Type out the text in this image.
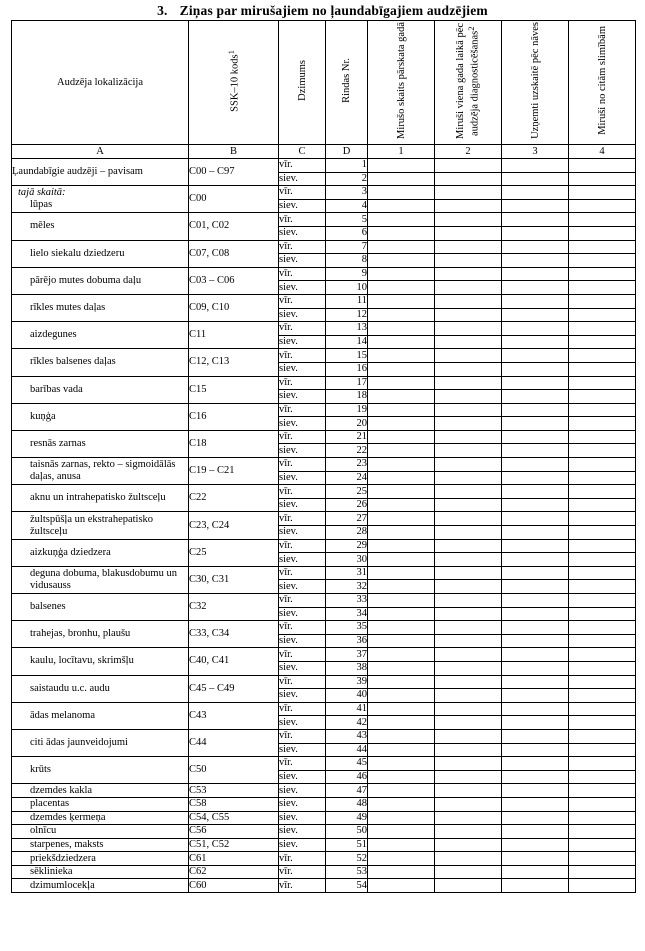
3. Ziņas par mirušajiem no ļaundabīgajiem audzējiem
Audzēja lokalizācija	SSK–10 kods$^1$	Dzimums	Rindas Nr.	Mirušo skaits pārskata gadā	Miruši viena gada laikā pēc audzēja diagnosticēšanas$^2$	Uzņemti uzskaitē pēc nāves	Miruši no citām slimībām
A	B	C	D	1	2	3	4
Ļaundabīgie audzēji – pavisam	C00 – C97	vīr.	1				
		siev.	2				

tajā skaitā:
lūpas	C00	vīr.	3				
		siev.	4				
mēles	C01, C02	vīr.	5				
		siev.	6				
lielo siekalu dziedzeru	C07, C08	vīr.	7				
		siev.	8				
pārējo mutes dobuma daļu	C03 – C06	vīr.	9				
		siev.	10				
rīkles mutes daļas	C09, C10	vīr.	11				
		siev.	12				
aizdegunes	C11	vīr.	13				
		siev.	14				
rīkles balsenes daļas	C12, C13	vīr.	15				
		siev.	16				
barības vada	C15	vīr.	17				
		siev.	18				
kuņģa	C16	vīr.	19				
		siev.	20				
resnās zarnas	C18	vīr.	21				
		siev.	22				
taisnās zarnas, rekto – sigmoidālās daļas, anusa	C19 – C21	vīr.	23				
		siev.	24				
aknu un intrahepatisko žultsceļu	C22	vīr.	25				
		siev.	26				
žultspūšļa un ekstrahepatisko žultsceļu	C23, C24	vīr.	27				
		siev.	28				
aizkuņģa dziedzera	C25	vīr.	29				
		siev.	30				
deguna dobuma, blakusdobumu un vidusauss	C30, C31	vīr.	31				
		siev.	32				
balsenes	C32	vīr.	33				
		siev.	34				
trahejas, bronhu, plaušu	C33, C34	vīr.	35				
		siev.	36				
kaulu, locītavu, skrimšļu	C40, C41	vīr.	37				
		siev.	38				
saistaudu u.c. audu	C45 – C49	vīr.	39				
		siev.	40				
ādas melanoma	C43	vīr.	41				
		siev.	42				
citi ādas jaunveidojumi	C44	vīr.	43				
		siev.	44				
krūts	C50	vīr.	45				
		siev.	46				
dzemdes kakla	C53	siev.	47				
placentas	C58	siev.	48				
dzemdes ķermeņa	C54, C55	siev.	49				
olnīcu	C56	siev.	50				
starpenes, maksts	C51, C52	siev.	51				
priekšdziedzera	C61	vīr.	52				
sēklinieka	C62	vīr.	53				
dzimumlocekļa	C60	vīr.	54				
